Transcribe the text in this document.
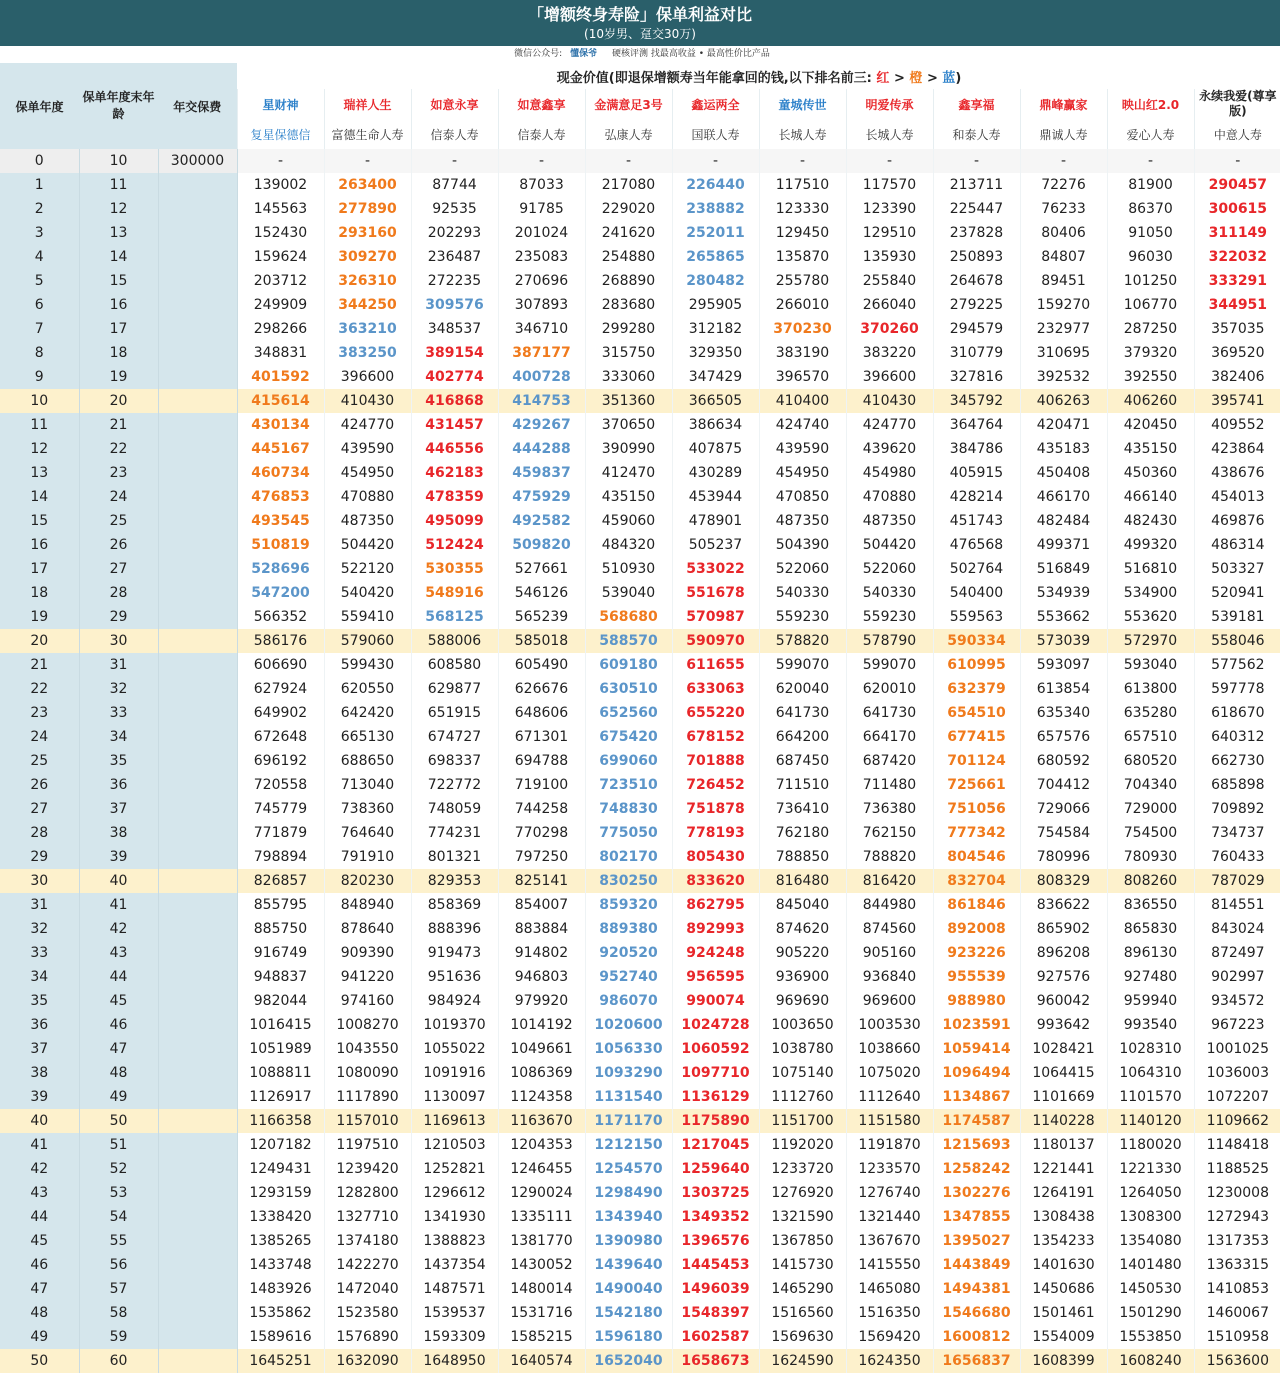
「增额终身寿险」保单利益对比
(10岁男、趸交30万)
微信公众号: 懂保爷 硬核评测 找最高收益 • 最高性价比产品
保单年度	保单年度末年龄	年交保费	现金价值(即退保增额寿当年能拿回的钱,以下排名前三: 红 > 橙 > 蓝)											
			星财神	瑞祥人生	如意永享	如意鑫享	金满意足3号	鑫运两全	童城传世	明爱传承	鑫享福	鼎峰赢家	映山红2.0	永续我爱(尊享版)
			复星保德信	富德生命人寿	信泰人寿	信泰人寿	弘康人寿	国联人寿	长城人寿	长城人寿	和泰人寿	鼎诚人寿	爱心人寿	中意人寿
0	10	300000	-	-	-	-	-	-	-	-	-	-	-	-
1	11		139002	263400	87744	87033	217080	226440	117510	117570	213711	72276	81900	290457
2	12		145563	277890	92535	91785	229020	238882	123330	123390	225447	76233	86370	300615
3	13		152430	293160	202293	201024	241620	252011	129450	129510	237828	80406	91050	311149
4	14		159624	309270	236487	235083	254880	265865	135870	135930	250893	84807	96030	322032
5	15		203712	326310	272235	270696	268890	280482	255780	255840	264678	89451	101250	333291
6	16		249909	344250	309576	307893	283680	295905	266010	266040	279225	159270	106770	344951
7	17		298266	363210	348537	346710	299280	312182	370230	370260	294579	232977	287250	357035
8	18		348831	383250	389154	387177	315750	329350	383190	383220	310779	310695	379320	369520
9	19		401592	396600	402774	400728	333060	347429	396570	396600	327816	392532	392550	382406
10	20		415614	410430	416868	414753	351360	366505	410400	410430	345792	406263	406260	395741
11	21		430134	424770	431457	429267	370650	386634	424740	424770	364764	420471	420450	409552
12	22		445167	439590	446556	444288	390990	407875	439590	439620	384786	435183	435150	423864
13	23		460734	454950	462183	459837	412470	430289	454950	454980	405915	450408	450360	438676
14	24		476853	470880	478359	475929	435150	453944	470850	470880	428214	466170	466140	454013
15	25		493545	487350	495099	492582	459060	478901	487350	487350	451743	482484	482430	469876
16	26		510819	504420	512424	509820	484320	505237	504390	504420	476568	499371	499320	486314
17	27		528696	522120	530355	527661	510930	533022	522060	522060	502764	516849	516810	503327
18	28		547200	540420	548916	546126	539040	551678	540330	540330	540400	534939	534900	520941
19	29		566352	559410	568125	565239	568680	570987	559230	559230	559563	553662	553620	539181
20	30		586176	579060	588006	585018	588570	590970	578820	578790	590334	573039	572970	558046
21	31		606690	599430	608580	605490	609180	611655	599070	599070	610995	593097	593040	577562
22	32		627924	620550	629877	626676	630510	633063	620040	620010	632379	613854	613800	597778
23	33		649902	642420	651915	648606	652560	655220	641730	641730	654510	635340	635280	618670
24	34		672648	665130	674727	671301	675420	678152	664200	664170	677415	657576	657510	640312
25	35		696192	688650	698337	694788	699060	701888	687450	687420	701124	680592	680520	662730
26	36		720558	713040	722772	719100	723510	726452	711510	711480	725661	704412	704340	685898
27	37		745779	738360	748059	744258	748830	751878	736410	736380	751056	729066	729000	709892
28	38		771879	764640	774231	770298	775050	778193	762180	762150	777342	754584	754500	734737
29	39		798894	791910	801321	797250	802170	805430	788850	788820	804546	780996	780930	760433
30	40		826857	820230	829353	825141	830250	833620	816480	816420	832704	808329	808260	787029
31	41		855795	848940	858369	854007	859320	862795	845040	844980	861846	836622	836550	814551
32	42		885750	878640	888396	883884	889380	892993	874620	874560	892008	865902	865830	843024
33	43		916749	909390	919473	914802	920520	924248	905220	905160	923226	896208	896130	872497
34	44		948837	941220	951636	946803	952740	956595	936900	936840	955539	927576	927480	902997
35	45		982044	974160	984924	979920	986070	990074	969690	969600	988980	960042	959940	934572
36	46		1016415	1008270	1019370	1014192	1020600	1024728	1003650	1003530	1023591	993642	993540	967223
37	47		1051989	1043550	1055022	1049661	1056330	1060592	1038780	1038660	1059414	1028421	1028310	1001025
38	48		1088811	1080090	1091916	1086369	1093290	1097710	1075140	1075020	1096494	1064415	1064310	1036003
39	49		1126917	1117890	1130097	1124358	1131540	1136129	1112760	1112640	1134867	1101669	1101570	1072207
40	50		1166358	1157010	1169613	1163670	1171170	1175890	1151700	1151580	1174587	1140228	1140120	1109662
41	51		1207182	1197510	1210503	1204353	1212150	1217045	1192020	1191870	1215693	1180137	1180020	1148418
42	52		1249431	1239420	1252821	1246455	1254570	1259640	1233720	1233570	1258242	1221441	1221330	1188525
43	53		1293159	1282800	1296612	1290024	1298490	1303725	1276920	1276740	1302276	1264191	1264050	1230008
44	54		1338420	1327710	1341930	1335111	1343940	1349352	1321590	1321440	1347855	1308438	1308300	1272943
45	55		1385265	1374180	1388823	1381770	1390980	1396576	1367850	1367670	1395027	1354233	1354080	1317353
46	56		1433748	1422270	1437354	1430052	1439640	1445453	1415730	1415550	1443849	1401630	1401480	1363315
47	57		1483926	1472040	1487571	1480014	1490040	1496039	1465290	1465080	1494381	1450686	1450530	1410853
48	58		1535862	1523580	1539537	1531716	1542180	1548397	1516560	1516350	1546680	1501461	1501290	1460067
49	59		1589616	1576890	1593309	1585215	1596180	1602587	1569630	1569420	1600812	1554009	1553850	1510958
50	60		1645251	1632090	1648950	1640574	1652040	1658673	1624590	1624350	1656837	1608399	1608240	1563600
